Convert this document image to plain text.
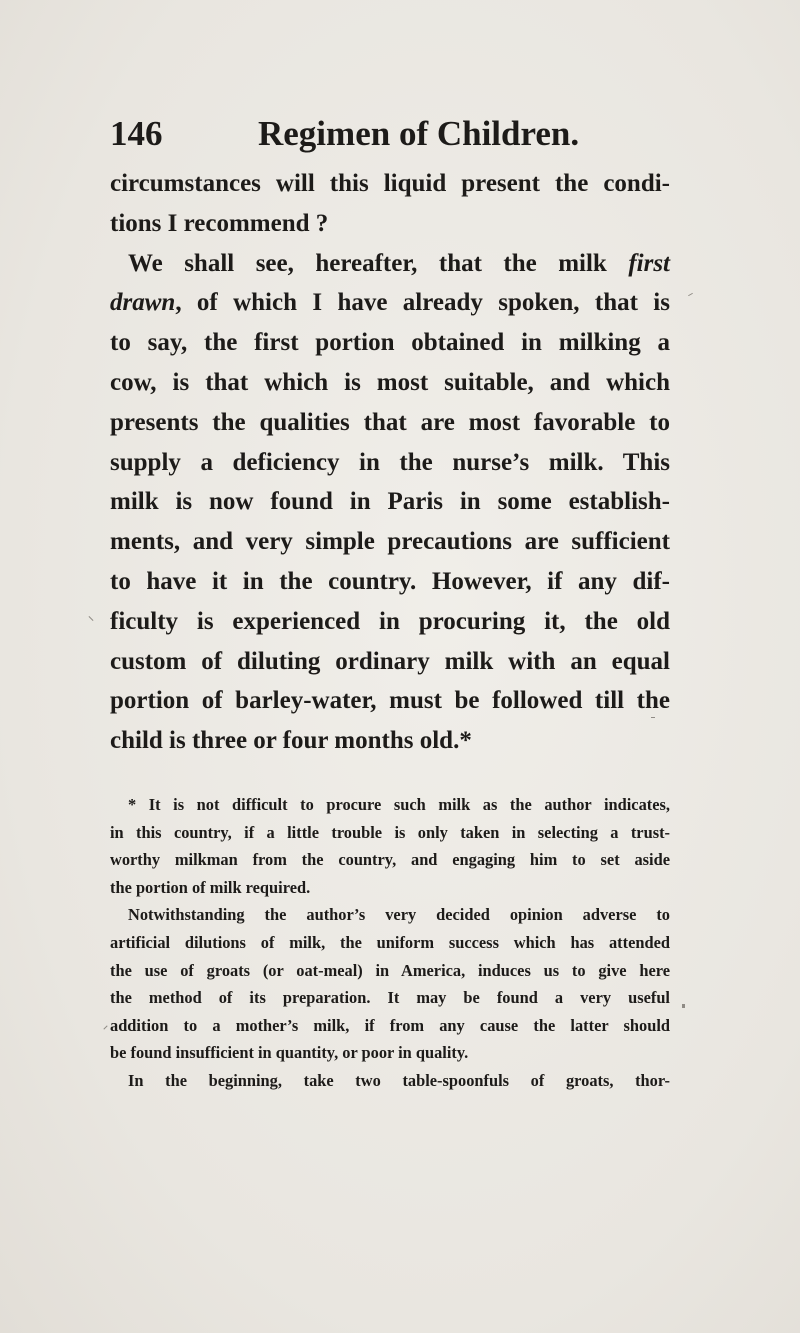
146	Regimen of Children.
circumstances will this liquid present the condi-
tions I recommend ?
We shall see, hereafter, that the milk first
drawn, of which I have already spoken, that is
to say, the first portion obtained in milking a
cow, is that which is most suitable, and which
presents the qualities that are most favorable to
supply a deficiency in the nurse’s milk. This
milk is now found in Paris in some establish-
ments, and very simple precautions are sufficient
to have it in the country. However, if any dif-
ficulty is experienced in procuring it, the old
custom of diluting ordinary milk with an equal
portion of barley-water, must be followed till the
child is three or four months old.*
* It is not difficult to procure such milk as the author indicates,
in this country, if a little trouble is only taken in selecting a trust-
worthy milkman from the country, and engaging him to set aside
the portion of milk required.
Notwithstanding the author’s very decided opinion adverse to
artificial dilutions of milk, the uniform success which has attended
the use of groats (or oat-meal) in America, induces us to give here
the method of its preparation. It may be found a very useful
addition to a mother’s milk, if from any cause the latter should
be found insufficient in quantity, or poor in quality.
In the beginning, take two table-spoonfuls of groats, thor-
